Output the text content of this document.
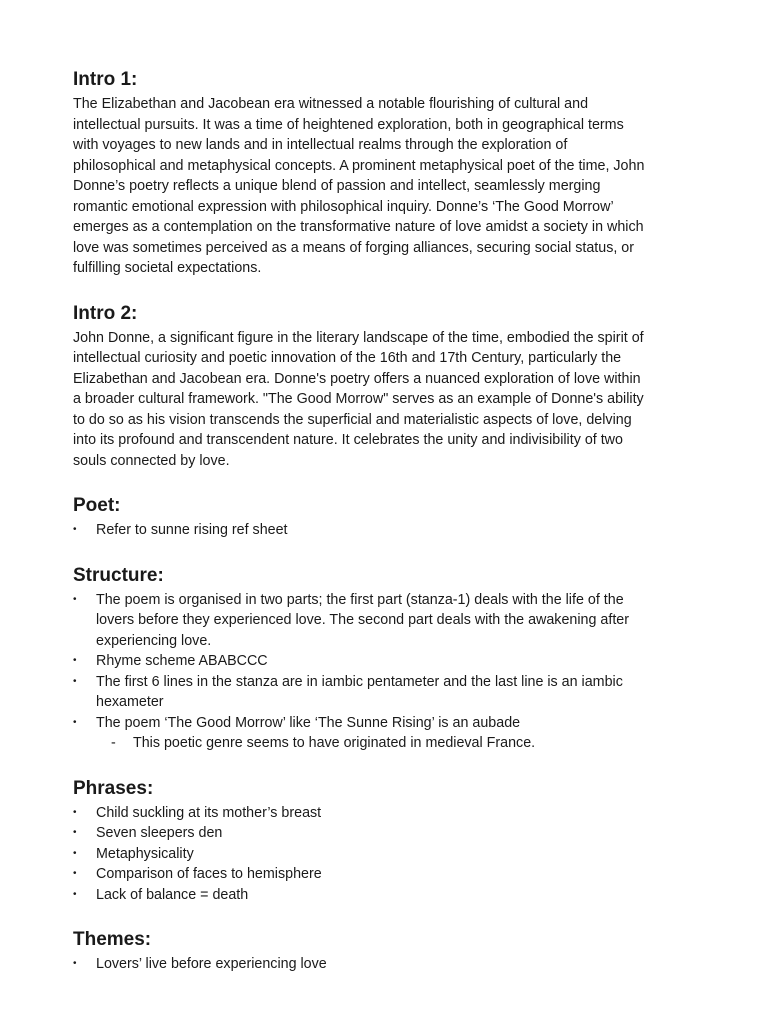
Intro 1:

The Elizabethan and Jacobean era witnessed a notable flourishing of cultural and
intellectual pursuits. It was a time of heightened exploration, both in geographical terms
with voyages to new lands and in intellectual realms through the exploration of
philosophical and metaphysical concepts. A prominent metaphysical poet of the time, John
Donne’s poetry reflects a unique blend of passion and intellect, seamlessly merging
romantic emotional expression with philosophical inquiry. Donne’s ‘The Good Morrow’
emerges as a contemplation on the transformative nature of love amidst a society in which
love was sometimes perceived as a means of forging alliances, securing social status, or
fulfilling societal expectations.

Intro 2:

John Donne, a significant figure in the literary landscape of the time, embodied the spirit of
intellectual curiosity and poetic innovation of the 16th and 17th Century, particularly the
Elizabethan and Jacobean era. Donne's poetry offers a nuanced exploration of love within
a broader cultural framework. "The Good Morrow" serves as an example of Donne's ability
to do so as his vision transcends the superficial and materialistic aspects of love, delving
into its profound and transcendent nature. It celebrates the unity and indivisibility of two
souls connected by love.

Poet:
• Refer to sunne rising ref sheet
Structure:
• The poem is organised in two parts; the first part (stanza-1) deals with the life of the
lovers before they experienced love. The second part deals with the awakening after
experiencing love.
• Rhyme scheme ABABCCC
• The first 6 lines in the stanza are in iambic pentameter and the last line is an iambic
hexameter
• The poem ‘The Good Morrow’ like ‘The Sunne Rising’ is an aubade
- This poetic genre seems to have originated in medieval France.
Phrases:
• Child suckling at its mother’s breast
• Seven sleepers den
• Metaphysicality
• Comparison of faces to hemisphere
• Lack of balance = death
Themes:
• Lovers’ live before experiencing love
